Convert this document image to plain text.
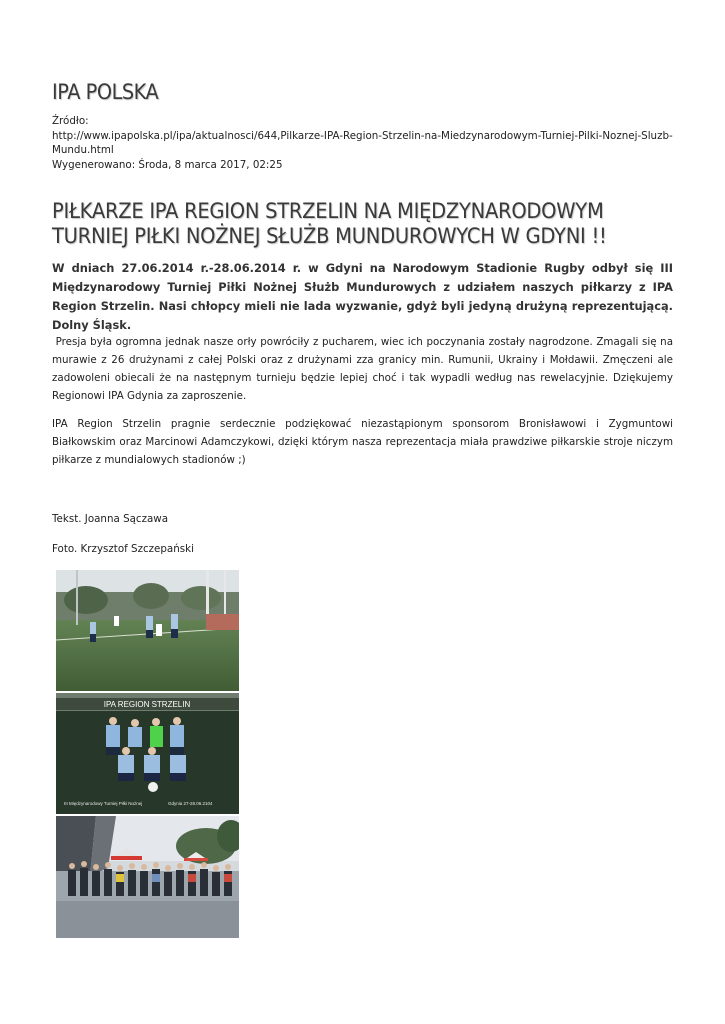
IPA POLSKA
Źródło:
http://www.ipapolska.pl/ipa/aktualnosci/644,Pilkarze-IPA-Region-Strzelin-na-Miedzynarodowym-Turniej-Pilki-Noznej-Sluzb-Mundu.html
Wygenerowano: Środa, 8 marca 2017, 02:25
PIŁKARZE IPA REGION STRZELIN NA MIĘDZYNARODOWYM TURNIEJ PIŁKI NOŻNEJ SŁUŻB MUNDUROWYCH W GDYNI !!

W dniach 27.06.2014 r.-28.06.2014 r. w Gdyni na Narodowym Stadionie Rugby odbył się III Międzynarodowy Turniej Piłki Nożnej Służb Mundurowych z udziałem naszych piłkarzy z IPA Region Strzelin. Nasi chłopcy mieli nie lada wyzwanie, gdyż byli jedyną drużyną reprezentującą. Dolny Śląsk.

Presja była ogromna jednak nasze orły powróciły z pucharem, wiec ich poczynania zostały nagrodzone. Zmagali się na murawie z 26 drużynami z całej Polski oraz z drużynami zza granicy min. Rumunii, Ukrainy i Mołdawii. Zmęczeni ale zadowoleni obiecali że na następnym turnieju będzie lepiej choć i tak wypadli według nas rewelacyjnie. Dziękujemy Regionowi IPA Gdynia za zaproszenie.

IPA Region Strzelin pragnie serdecznie podziękować niezastąpionym sponsorom Bronisławowi i Zygmuntowi Białkowskim oraz Marcinowi Adamczykowi, dzięki którym nasza reprezentacja miała prawdziwe piłkarskie stroje niczym piłkarze z mundialowych stadionów ;)

Tekst. Joanna Sączawa
Foto. Krzysztof Szczepański
IPA REGION STRZELIN
III Międzynarodowy Turniej Piłki Nożnej	Gdynia 27-28.06.2104
